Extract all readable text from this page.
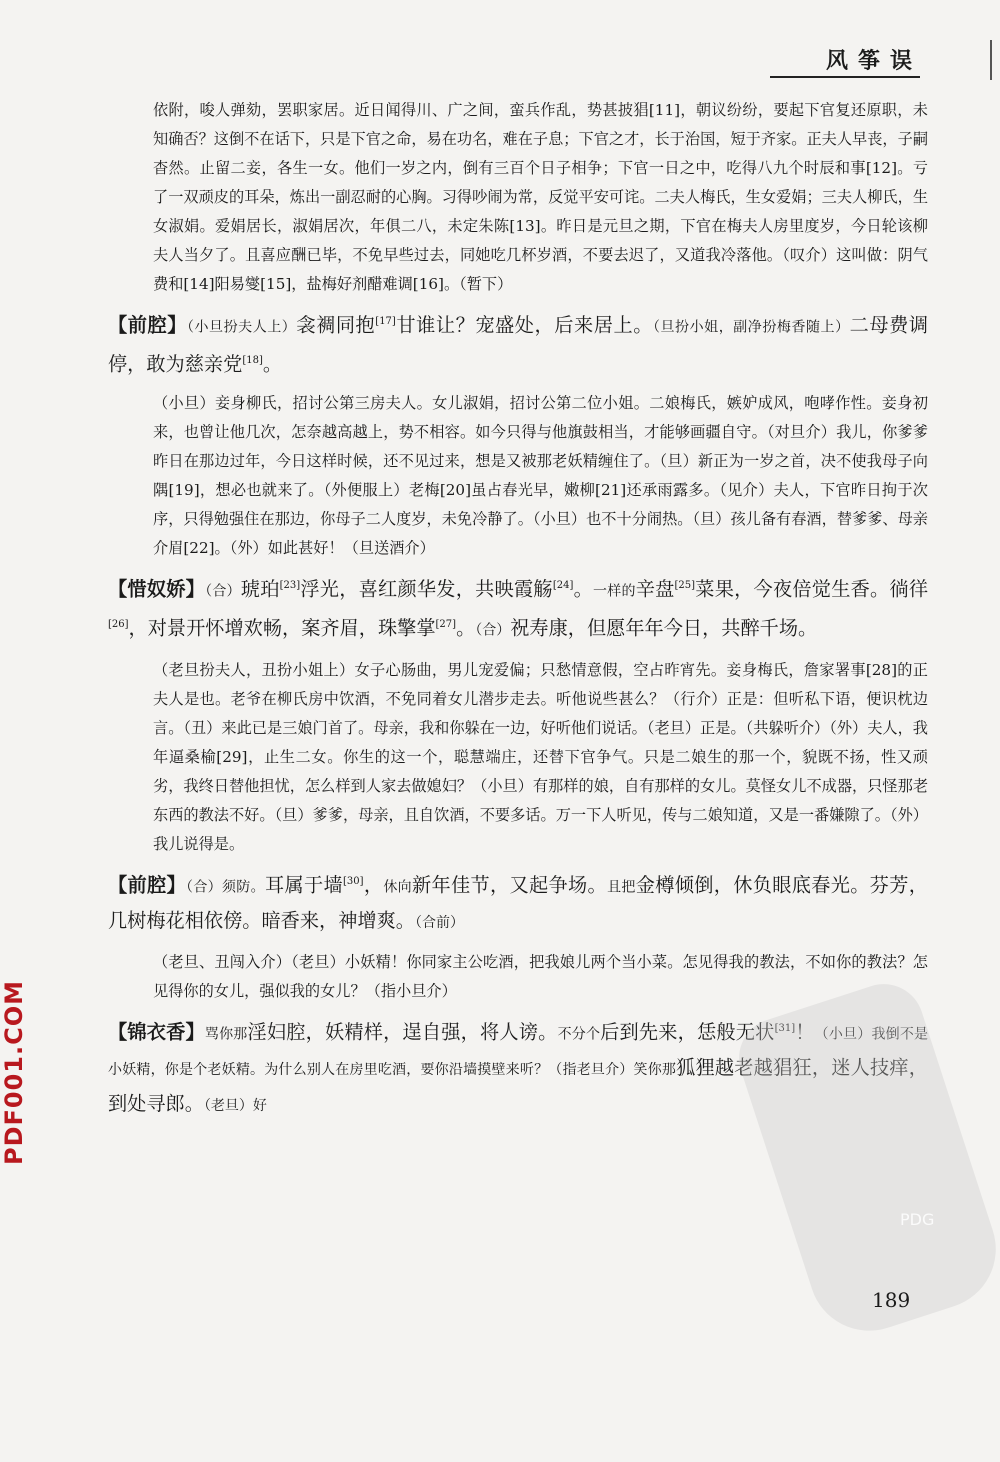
风筝误

依附，唆人弹劾，罢职家居。近日闻得川、广之间，蛮兵作乱，势甚披猖[11]，朝议纷纷，要起下官复还原职，未知确否？这倒不在话下，只是下官之命，易在功名，难在子息；下官之才，长于治国，短于齐家。正夫人早丧，子嗣杳然。止留二妾，各生一女。他们一岁之内，倒有三百个日子相争；下官一日之中，吃得八九个时辰和事[12]。亏了一双顽皮的耳朵，炼出一副忍耐的心胸。习得吵闹为常，反觉平安可诧。二夫人梅氏，生女爱娟；三夫人柳氏，生女淑娟。爱娟居长，淑娟居次，年俱二八，未定朱陈[13]。昨日是元旦之期，下官在梅夫人房里度岁，今日轮该柳夫人当夕了。且喜应酬已毕，不免早些过去，同她吃几杯岁酒，不要去迟了，又道我冷落他。（叹介）这叫做：阴气费和[14]阳易燮[15]，盐梅好剂醋难调[16]。（暂下）

【前腔】（小旦扮夫人上）衾裯同抱[17]甘谁让？宠盛处，后来居上。（旦扮小姐，副净扮梅香随上）二母费调停，敢为慈亲党[18]。

（小旦）妾身柳氏，招讨公第三房夫人。女儿淑娟，招讨公第二位小姐。二娘梅氏，嫉妒成风，咆哮作性。妾身初来，也曾让他几次，怎奈越高越上，势不相容。如今只得与他旗鼓相当，才能够画疆自守。（对旦介）我儿，你爹爹昨日在那边过年，今日这样时候，还不见过来，想是又被那老妖精缠住了。（旦）新正为一岁之首，决不使我母子向隅[19]，想必也就来了。（外便服上）老梅[20]虽占春光早，嫩柳[21]还承雨露多。（见介）夫人，下官昨日拘于次序，只得勉强住在那边，你母子二人度岁，未免冷静了。（小旦）也不十分闹热。（旦）孩儿备有春酒，替爹爹、母亲介眉[22]。（外）如此甚好！（旦送酒介）

【惜奴娇】（合）琥珀[23]浮光，喜红颜华发，共映霞觞[24]。一样的辛盘[25]菜果，今夜倍觉生香。徜徉[26]，对景开怀增欢畅，案齐眉，珠擎掌[27]。（合）祝寿康，但愿年年今日，共醉千场。

（老旦扮夫人，丑扮小姐上）女子心肠曲，男儿宠爱偏；只愁情意假，空占昨宵先。妾身梅氏，詹家署事[28]的正夫人是也。老爷在柳氏房中饮酒，不免同着女儿潜步走去。听他说些甚么？（行介）正是：但听私下语，便识枕边言。（丑）来此已是三娘门首了。母亲，我和你躲在一边，好听他们说话。（老旦）正是。（共躲听介）（外）夫人，我年逼桑榆[29]，止生二女。你生的这一个，聪慧端庄，还替下官争气。只是二娘生的那一个，貌既不扬，性又顽劣，我终日替他担忧，怎么样到人家去做媳妇？（小旦）有那样的娘，自有那样的女儿。莫怪女儿不成器，只怪那老东西的教法不好。（旦）爹爹，母亲，且自饮酒，不要多话。万一下人听见，传与二娘知道，又是一番嫌隙了。（外）我儿说得是。

【前腔】（合）须防。耳属于墙[30]，休向新年佳节，又起争场。且把金樽倾倒，休负眼底春光。芬芳，几树梅花相依傍。暗香来，神增爽。（合前）

（老旦、丑闯入介）（老旦）小妖精！你同家主公吃酒，把我娘儿两个当小菜。怎见得我的教法，不如你的教法？怎见得你的女儿，强似我的女儿？（指小旦介）

【锦衣香】骂你那淫妇腔，妖精样，逞自强，将人谤。不分个后到先来，恁般无状[31]！（小旦）我倒不是小妖精，你是个老妖精。为什么别人在房里吃酒，要你沿墙摸壁来听？（指老旦介）笑你那狐狸越老越猖狂，迷人技痒，到处寻郎。（老旦）好

PDG
PDF001.COM
189
